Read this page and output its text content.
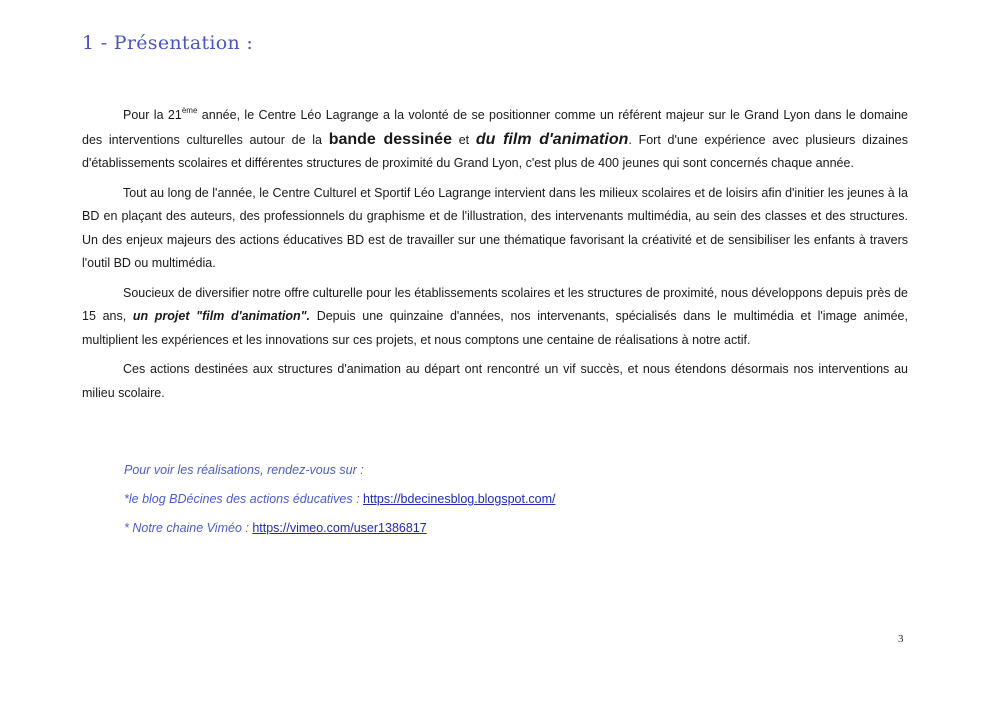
1 - Présentation :

Pour la 21ème année, le Centre Léo Lagrange a la volonté de se positionner comme un référent majeur sur le Grand Lyon dans le domaine des interventions culturelles autour de la bande dessinée et du film d'animation. Fort d'une expérience avec plusieurs dizaines d'établissements scolaires et différentes structures de proximité du Grand Lyon, c'est plus de 400 jeunes qui sont concernés chaque année.

Tout au long de l'année, le Centre Culturel et Sportif Léo Lagrange intervient dans les milieux scolaires et de loisirs afin d'initier les jeunes à la BD en plaçant des auteurs, des professionnels du graphisme et de l'illustration, des intervenants multimédia, au sein des classes et des structures. Un des enjeux majeurs des actions éducatives BD est de travailler sur une thématique favorisant la créativité et de sensibiliser les enfants à travers l'outil BD ou multimédia.

Soucieux de diversifier notre offre culturelle pour les établissements scolaires et les structures de proximité, nous développons depuis près de 15 ans, un projet "film d'animation". Depuis une quinzaine d'années, nos intervenants, spécialisés dans le multimédia et l'image animée, multiplient les expériences et les innovations sur ces projets, et nous comptons une centaine de réalisations à notre actif.

Ces actions destinées aux structures d'animation au départ ont rencontré un vif succès, et nous étendons désormais nos interventions au milieu scolaire.

Pour voir les réalisations, rendez-vous sur :
*le blog BDécines des actions éducatives : https://bdecinesblog.blogspot.com/
* Notre chaine Viméo : https://vimeo.com/user1386817
3
